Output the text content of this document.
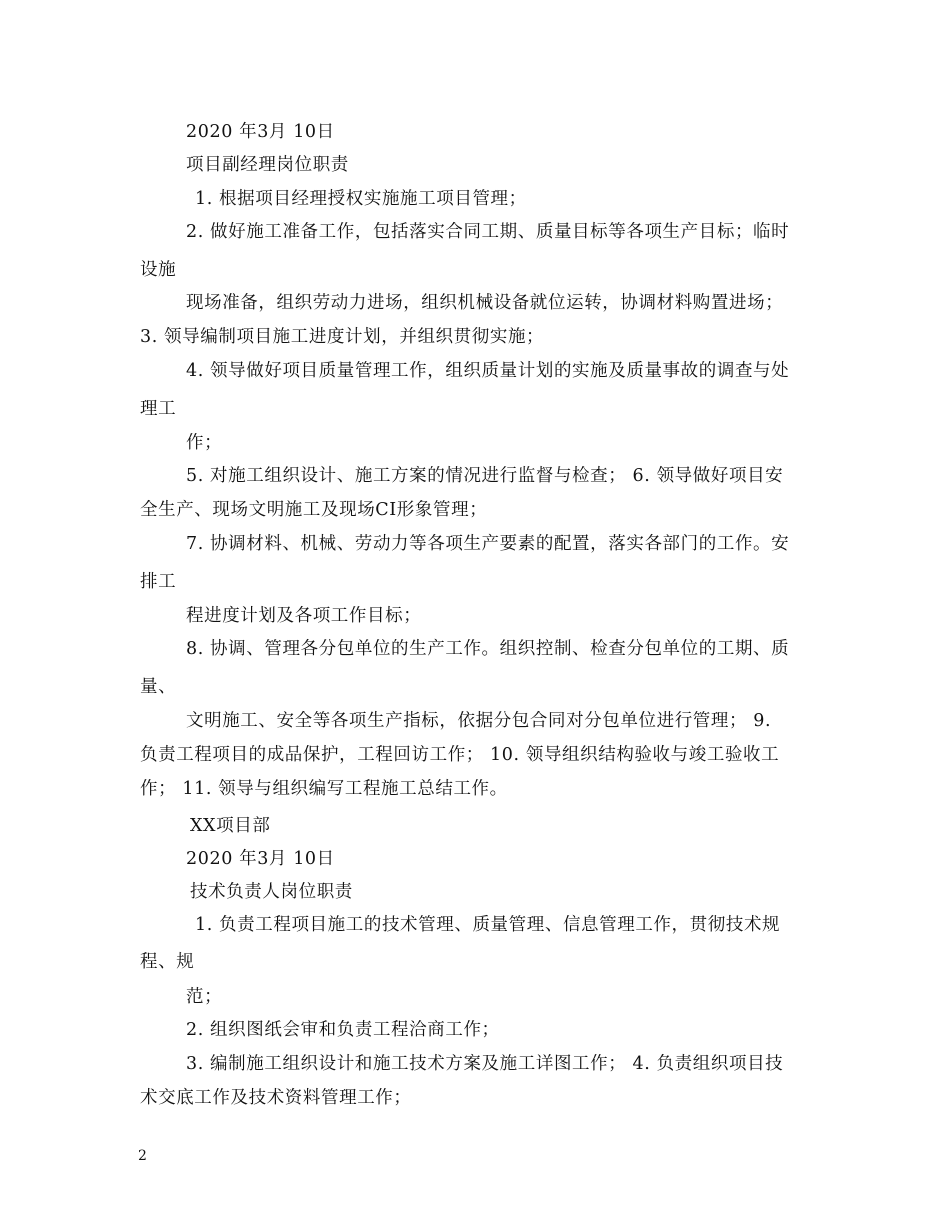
2020 年3月 10日
项目副经理岗位职责
1. 根据项目经理授权实施施工项目管理；
2. 做好施工准备工作，包括落实合同工期、质量目标等各项生产目标；临时
设施
现场准备，组织劳动力进场，组织机械设备就位运转，协调材料购置进场；
3. 领导编制项目施工进度计划，并组织贯彻实施；
4. 领导做好项目质量管理工作，组织质量计划的实施及质量事故的调查与处
理工
作；
5. 对施工组织设计、施工方案的情况进行监督与检查； 6. 领导做好项目安
全生产、现场文明施工及现场CI形象管理；
7. 协调材料、机械、劳动力等各项生产要素的配置，落实各部门的工作。安
排工
程进度计划及各项工作目标；
8. 协调、管理各分包单位的生产工作。组织控制、检查分包单位的工期、质
量、
文明施工、安全等各项生产指标，依据分包合同对分包单位进行管理； 9.
负责工程项目的成品保护，工程回访工作； 10. 领导组织结构验收与竣工验收工
作； 11. 领导与组织编写工程施工总结工作。
XX项目部
2020 年3月 10日
技术负责人岗位职责
1. 负责工程项目施工的技术管理、质量管理、信息管理工作，贯彻技术规
程、规
范；
2. 组织图纸会审和负责工程洽商工作；
3. 编制施工组织设计和施工技术方案及施工详图工作； 4. 负责组织项目技
术交底工作及技术资料管理工作；
2
